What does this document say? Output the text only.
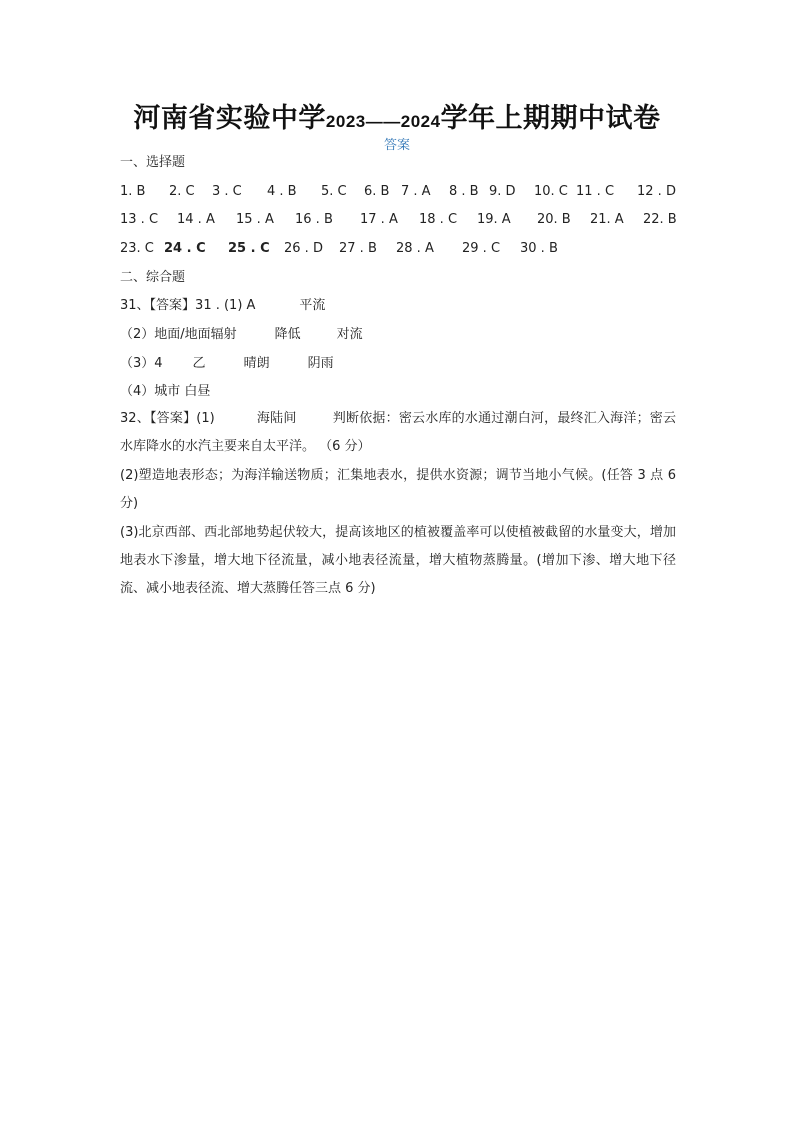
河南省实验中学2023——2024学年上期期中试卷
答案
一、选择题
1. B 2. C 3 . C 4 . B 5. C 6. B 7 . A 8 . B 9. D 10. C 11 . C 12 . D
13 . C 14 . A 15 . A 16 . B 17 . A 18 . C 19. A 20. B 21. A 22. B
23. C 24 . C 25 . C 26 . D 27 . B 28 . A 29 . C 30 . B
二、综合题
31、【答案】31 . (1) A	平流
（2）地面/地面辐射	降低	对流
（3）4 乙	晴朗	阴雨
（4）城市 白昼
32、【答案】(1)	海陆间	判断依据：密云水库的水通过潮白河，最终汇入海洋；密云水库降水的水汽主要来自太平洋。 （6 分）
(2)塑造地表形态；为海洋输送物质；汇集地表水，提供水资源；调节当地小气候。(任答 3 点 6 分)
(3)北京西部、西北部地势起伏较大，提高该地区的植被覆盖率可以使植被截留的水量变大，增加地表水下渗量，增大地下径流量，减小地表径流量，增大植物蒸腾量。(增加下渗、增大地下径流、减小地表径流、增大蒸腾任答三点 6 分)
